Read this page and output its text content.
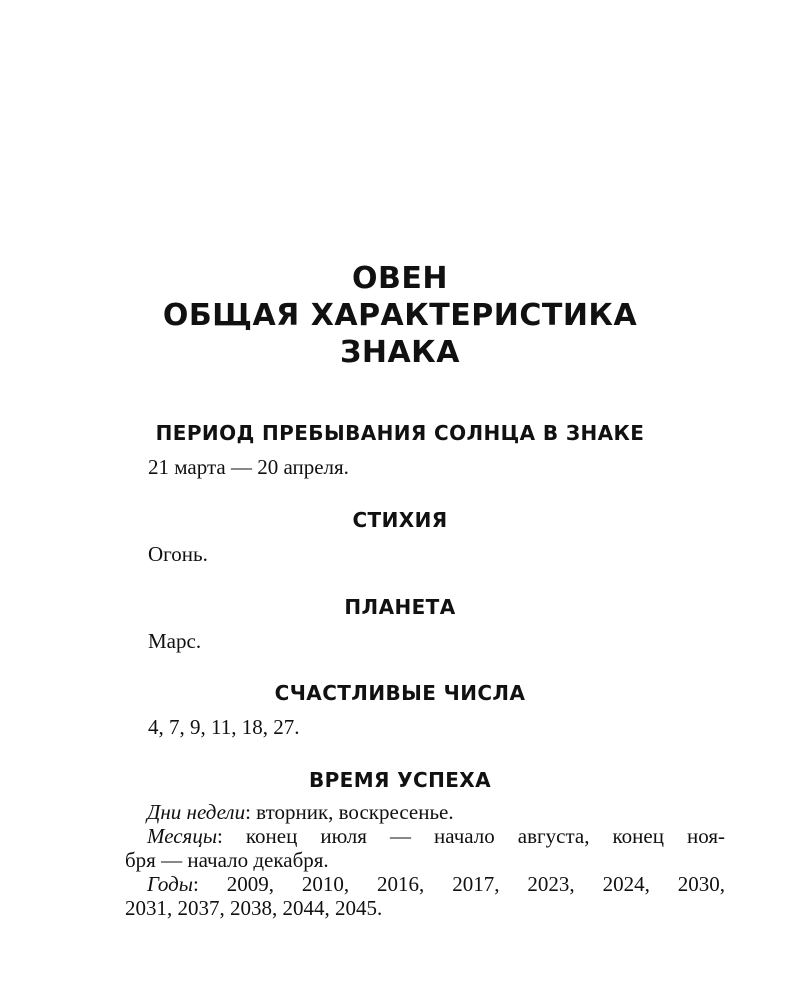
ОВЕН
ОБЩАЯ ХАРАКТЕРИСТИКА
ЗНАКА
ПЕРИОД ПРЕБЫВАНИЯ СОЛНЦА В ЗНАКЕ
21 марта — 20 апреля.
СТИХИЯ
Огонь.
ПЛАНЕТА
Марс.
СЧАСТЛИВЫЕ ЧИСЛА
4, 7, 9, 11, 18, 27.
ВРЕМЯ УСПЕХА
Дни недели: вторник, воскресенье.
Месяцы: конец июля — начало августа, конец ноя-
бря — начало декабря.
Годы: 2009, 2010, 2016, 2017, 2023, 2024, 2030,
2031, 2037, 2038, 2044, 2045.
